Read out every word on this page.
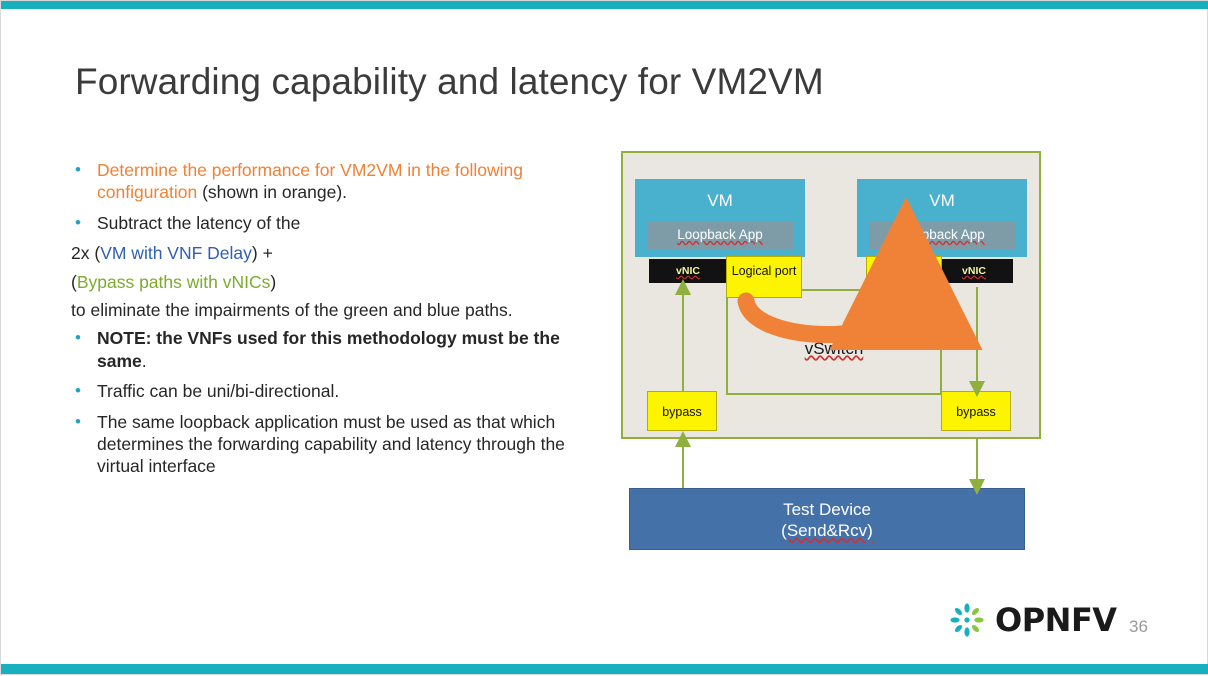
Forwarding capability and latency for VM2VM
• Determine the performance for VM2VM in the following configuration (shown in orange).
• Subtract the latency of the
2x (VM with VNF Delay) +
(Bypass paths with vNICs)
to eliminate the impairments of the green and blue paths.
• NOTE: the VNFs used for this methodology must be the same.
• Traffic can be uni/bi-directional.
• The same loopback application must be used as that which determines the forwarding capability and latency through the virtual interface
VM
Loopback App
VM
Loopback App
vNIC	vNIC
vSwitch
Logical port	Logical port
bypass	bypass
Test Device
(Send&Rcv)
OPNFV 36
